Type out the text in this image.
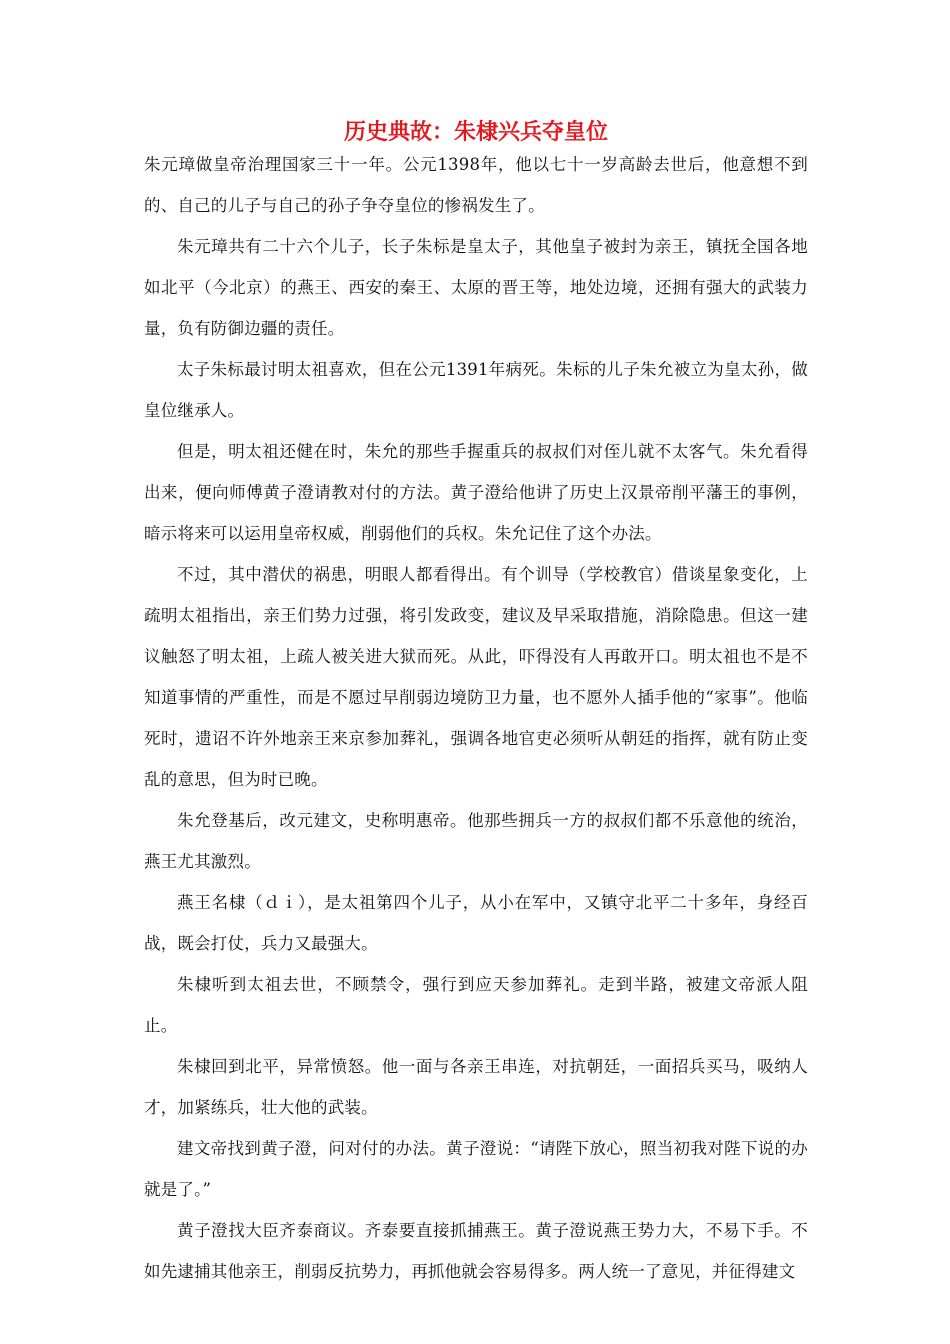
历史典故：朱棣兴兵夺皇位

朱元璋做皇帝治理国家三十一年。公元1398年，他以七十一岁高龄去世后，他意想不到的、自己的儿子与自己的孙子争夺皇位的惨祸发生了。

朱元璋共有二十六个儿子，长子朱标是皇太子，其他皇子被封为亲王，镇抚全国各地如北平（今北京）的燕王、西安的秦王、太原的晋王等，地处边境，还拥有强大的武装力量，负有防御边疆的责任。

太子朱标最讨明太祖喜欢，但在公元1391年病死。朱标的儿子朱允被立为皇太孙，做皇位继承人。

但是，明太祖还健在时，朱允的那些手握重兵的叔叔们对侄儿就不太客气。朱允看得出来，便向师傅黄子澄请教对付的方法。黄子澄给他讲了历史上汉景帝削平藩王的事例，暗示将来可以运用皇帝权威，削弱他们的兵权。朱允记住了这个办法。

不过，其中潜伏的祸患，明眼人都看得出。有个训导（学校教官）借谈星象变化，上疏明太祖指出，亲王们势力过强，将引发政变，建议及早采取措施，消除隐患。但这一建议触怒了明太祖，上疏人被关进大狱而死。从此，吓得没有人再敢开口。明太祖也不是不知道事情的严重性，而是不愿过早削弱边境防卫力量，也不愿外人插手他的“家事”。他临死时，遗诏不许外地亲王来京参加葬礼，强调各地官吏必须听从朝廷的指挥，就有防止变乱的意思，但为时已晚。

朱允登基后，改元建文，史称明惠帝。他那些拥兵一方的叔叔们都不乐意他的统治，燕王尤其激烈。

燕王名棣（ｄｉ），是太祖第四个儿子，从小在军中，又镇守北平二十多年，身经百战，既会打仗，兵力又最强大。

朱棣听到太祖去世，不顾禁令，强行到应天参加葬礼。走到半路，被建文帝派人阻止。

朱棣回到北平，异常愤怒。他一面与各亲王串连，对抗朝廷，一面招兵买马，吸纳人才，加紧练兵，壮大他的武装。

建文帝找到黄子澄，问对付的办法。黄子澄说：“请陛下放心，照当初我对陛下说的办就是了。”

黄子澄找大臣齐泰商议。齐泰要直接抓捕燕王。黄子澄说燕王势力大，不易下手。不如先逮捕其他亲王，削弱反抗势力，再抓他就会容易得多。两人统一了意见，并征得建文
